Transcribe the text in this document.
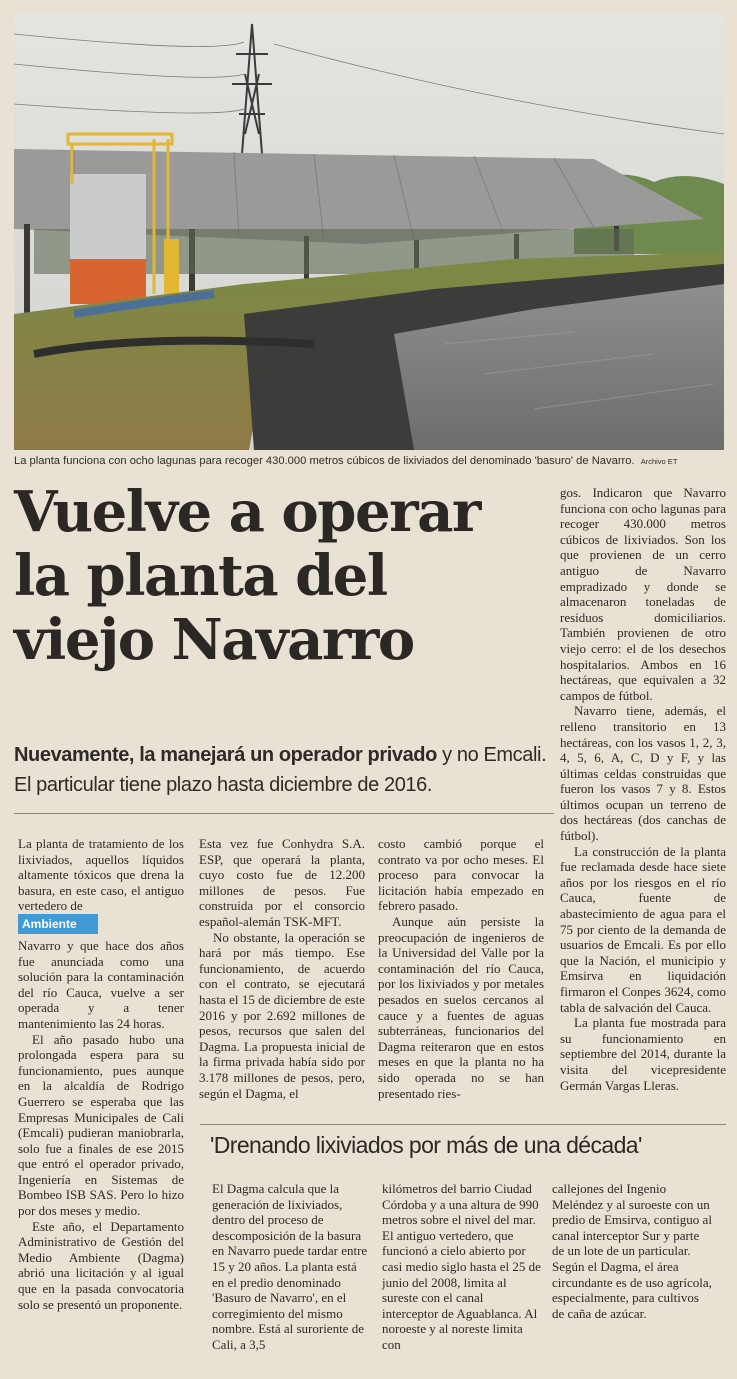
La planta funciona con ocho lagunas para recoger 430.000 metros cúbicos de lixiviados del denominado 'basuro' de Navarro. Archivo ET
Vuelve a operar
la planta del
viejo Navarro
Nuevamente, la manejará un operador privado y no Emcali. El particular tiene plazo hasta diciembre de 2016.

La planta de tratamiento de los lixiviados, aquellos líquidos altamente tóxicos que drena la basura, en este caso, el antiguo vertedero de

Ambiente

Navarro y que hace dos años fue anunciada como una solución para la contaminación del río Cauca, vuelve a ser operada y a tener mantenimiento las 24 horas.

El año pasado hubo una prolongada espera para su funcionamiento, pues aunque en la alcaldía de Rodrigo Guerrero se esperaba que las Empresas Municipales de Cali (Emcali) pudieran maniobrarla, solo fue a finales de ese 2015 que entró el operador privado, Ingeniería en Sistemas de Bombeo ISB SAS. Pero lo hizo por dos meses y medio.

Este año, el Departamento Administrativo de Gestión del Medio Ambiente (Dagma) abrió una licitación y al igual que en la pasada convocatoria solo se presentó un proponente.

Esta vez fue Conhydra S.A. ESP, que operará la planta, cuyo costo fue de 12.200 millones de pesos. Fue construida por el consorcio español-alemán TSK-MFT.

No obstante, la operación se hará por más tiempo. Ese funcionamiento, de acuerdo con el contrato, se ejecutará hasta el 15 de diciembre de este 2016 y por 2.692 millones de pesos, recursos que salen del Dagma. La propuesta inicial de la firma privada había sido por 3.178 millones de pesos, pero, según el Dagma, el

costo cambió porque el contrato va por ocho meses. El proceso para convocar la licitación había empezado en febrero pasado.

Aunque aún persiste la preocupación de ingenieros de la Universidad del Valle por la contaminación del río Cauca, por los lixiviados y por metales pesados en suelos cercanos al cauce y a fuentes de aguas subterráneas, funcionarios del Dagma reiteraron que en estos meses en que la planta no ha sido operada no se han presentado ries-

gos. Indicaron que Navarro funciona con ocho lagunas para recoger 430.000 metros cúbicos de lixiviados. Son los que provienen de un cerro antiguo de Navarro empradizado y donde se almacenaron toneladas de residuos domiciliarios. También provienen de otro viejo cerro: el de los desechos hospitalarios. Ambos en 16 hectáreas, que equivalen a 32 campos de fútbol.

Navarro tiene, además, el relleno transitorio en 13 hectáreas, con los vasos 1, 2, 3, 4, 5, 6, A, C, D y F, y las últimas celdas construidas que fueron los vasos 7 y 8. Estos últimos ocupan un terreno de dos hectáreas (dos canchas de fútbol).

La construcción de la planta fue reclamada desde hace siete años por los riesgos en el río Cauca, fuente de abastecimiento de agua para el 75 por ciento de la demanda de usuarios de Emcali. Es por ello que la Nación, el municipio y Emsirva en liquidación firmaron el Conpes 3624, como tabla de salvación del Cauca.

La planta fue mostrada para su funcionamiento en septiembre del 2014, durante la visita del vicepresidente Germán Vargas Lleras.

'Drenando lixiviados por más de una década'

El Dagma calcula que la generación de lixiviados, dentro del proceso de descomposición de la basura en Navarro puede tardar entre 15 y 20 años. La planta está en el predio denominado 'Basuro de Navarro', en el corregimiento del mismo nombre. Está al suroriente de Cali, a 3,5

kilómetros del barrio Ciudad Córdoba y a una altura de 990 metros sobre el nivel del mar. El antiguo vertedero, que funcionó a cielo abierto por casi medio siglo hasta el 25 de junio del 2008, limita al sureste con el canal interceptor de Aguablanca. Al noroeste y al noreste limita con

callejones del Ingenio Meléndez y al suroeste con un predio de Emsirva, contiguo al canal interceptor Sur y parte de un lote de un particular. Según el Dagma, el área circundante es de uso agrícola, especialmente, para cultivos de caña de azúcar.
